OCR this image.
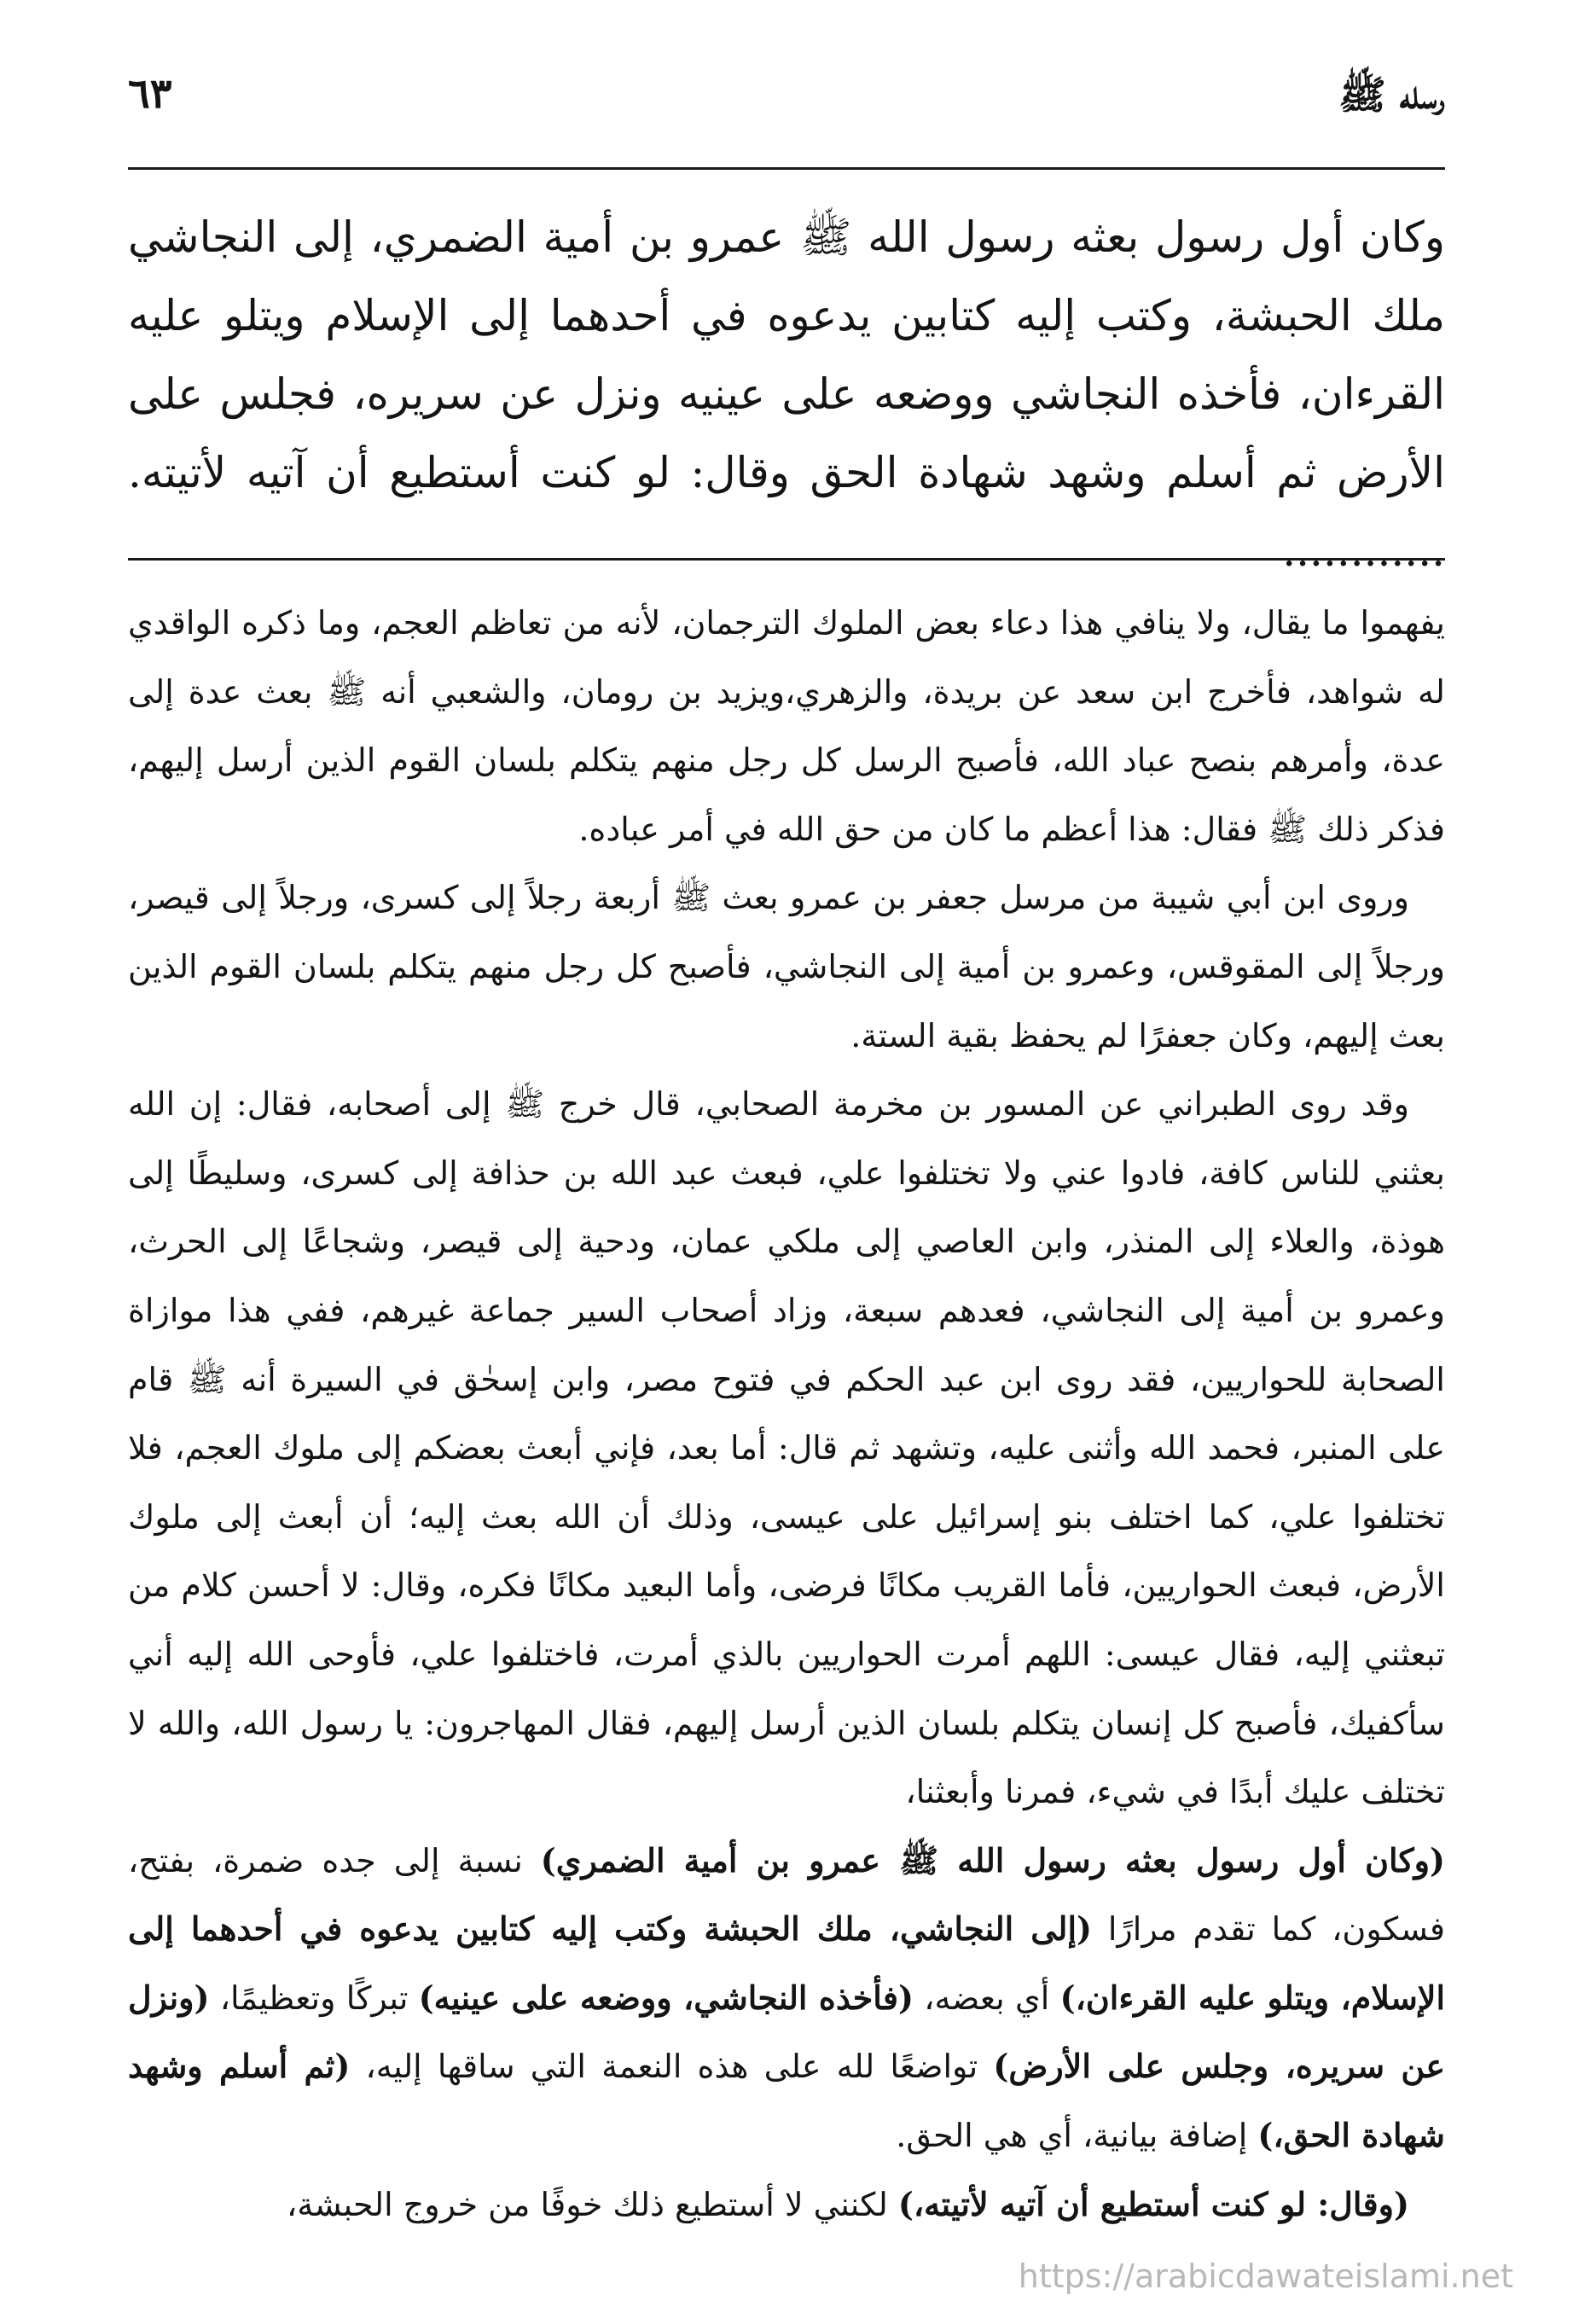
رسله ﷺ
٦٣
وكان أول رسول بعثه رسول الله ﷺ عمرو بن أمية الضمري، إلى النجاشي ملك الحبشة، وكتب إليه كتابين يدعوه في أحدهما إلى الإسلام ويتلو عليه القرءان، فأخذه النجاشي ووضعه على عينيه ونزل عن سريره، فجلس على الأرض ثم أسلم وشهد شهادة الحق وقال: لو كنت أستطيع أن آتيه لأتيته. ............

يفهموا ما يقال، ولا ينافي هذا دعاء بعض الملوك الترجمان، لأنه من تعاظم العجم، وما ذكره الواقدي له شواهد، فأخرج ابن سعد عن بريدة، والزهري،ويزيد بن رومان، والشعبي أنه ﷺ بعث عدة إلى عدة، وأمرهم بنصح عباد الله، فأصبح الرسل كل رجل منهم يتكلم بلسان القوم الذين أرسل إليهم، فذكر ذلك ﷺ فقال: هذا أعظم ما كان من حق الله في أمر عباده.

وروى ابن أبي شيبة من مرسل جعفر بن عمرو بعث ﷺ أربعة رجلاً إلى كسرى، ورجلاً إلى قيصر، ورجلاً إلى المقوقس، وعمرو بن أمية إلى النجاشي، فأصبح كل رجل منهم يتكلم بلسان القوم الذين بعث إليهم، وكان جعفرًا لم يحفظ بقية الستة.

وقد روى الطبراني عن المسور بن مخرمة الصحابي، قال خرج ﷺ إلى أصحابه، فقال: إن الله بعثني للناس كافة، فادوا عني ولا تختلفوا علي، فبعث عبد الله بن حذافة إلى كسرى، وسليطًا إلى هوذة، والعلاء إلى المنذر، وابن العاصي إلى ملكي عمان، ودحية إلى قيصر، وشجاعًا إلى الحرث، وعمرو بن أمية إلى النجاشي، فعدهم سبعة، وزاد أصحاب السير جماعة غيرهم، ففي هذا موازاة الصحابة للحواريين، فقد روى ابن عبد الحكم في فتوح مصر، وابن إسحٰق في السيرة أنه ﷺ قام على المنبر، فحمد الله وأثنى عليه، وتشهد ثم قال: أما بعد، فإني أبعث بعضكم إلى ملوك العجم، فلا تختلفوا علي، كما اختلف بنو إسرائيل على عيسى، وذلك أن الله بعث إليه؛ أن أبعث إلى ملوك الأرض، فبعث الحواريين، فأما القريب مكانًا فرضى، وأما البعيد مكانًا فكره، وقال: لا أحسن كلام من تبعثني إليه، فقال عيسى: اللهم أمرت الحواريين بالذي أمرت، فاختلفوا علي، فأوحى الله إليه أني سأكفيك، فأصبح كل إنسان يتكلم بلسان الذين أرسل إليهم، فقال المهاجرون: يا رسول الله، والله لا تختلف عليك أبدًا في شيء، فمرنا وأبعثنا،

(وكان أول رسول بعثه رسول الله ﷺ عمرو بن أمية الضمري) نسبة إلى جده ضمرة، بفتح، فسكون، كما تقدم مرارًا (إلى النجاشي، ملك الحبشة وكتب إليه كتابين يدعوه في أحدهما إلى الإسلام، ويتلو عليه القرءان،) أي بعضه، (فأخذه النجاشي، ووضعه على عينيه) تبركًا وتعظيمًا، (ونزل عن سريره، وجلس على الأرض) تواضعًا لله على هذه النعمة التي ساقها إليه، (ثم أسلم وشهد شهادة الحق،) إضافة بيانية، أي هي الحق.

(وقال: لو كنت أستطيع أن آتيه لأتيته،) لكنني لا أستطيع ذلك خوفًا من خروج الحبشة،

https://arabicdawateislami.net
